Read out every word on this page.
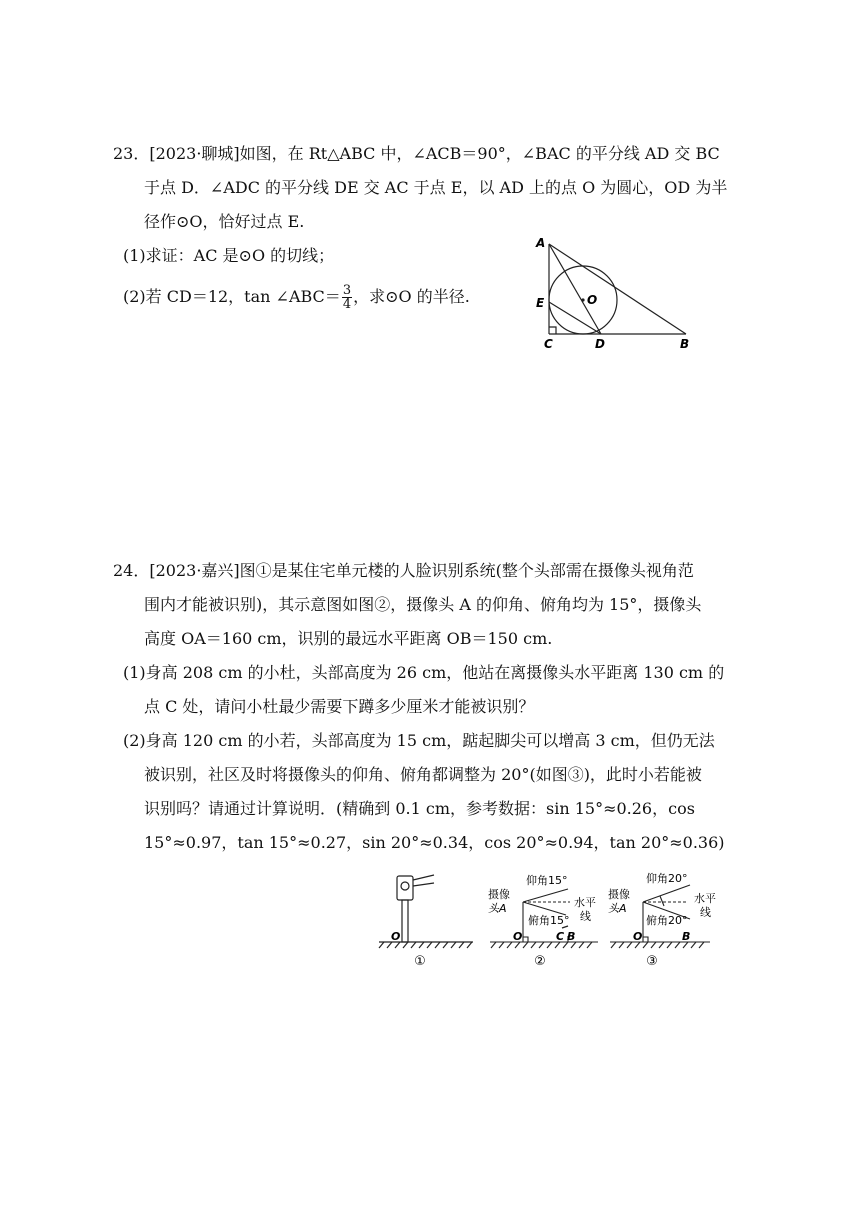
23．[2023·聊城]如图，在 Rt△ABC 中，∠ACB＝90°，∠BAC 的平分线 AD 交 BC
于点 D．∠ADC 的平分线 DE 交 AC 于点 E，以 AD 上的点 O 为圆心，OD 为半
径作⊙O，恰好过点 E.
(1)求证：AC 是⊙O 的切线；
(2)若 CD＝12，tan ∠ABC＝ $\frac{3}{4}$ ，求⊙O 的半径.
A
E
C	D	B
O
24．[2023·嘉兴]图①是某住宅单元楼的人脸识别系统(整个头部需在摄像头视角范
围内才能被识别)，其示意图如图②，摄像头 A 的仰角、俯角均为 15°，摄像头
高度 OA＝160 cm，识别的最远水平距离 OB＝150 cm.
(1)身高 208 cm 的小杜，头部高度为 26 cm，他站在离摄像头水平距离 130 cm 的
点 C 处，请问小杜最少需要下蹲多少厘米才能被识别？
(2)身高 120 cm 的小若，头部高度为 15 cm，踮起脚尖可以增高 3 cm，但仍无法
被识别，社区及时将摄像头的仰角、俯角都调整为 20°(如图③)，此时小若能被
识别吗？请通过计算说明．(精确到 0.1 cm，参考数据：sin 15°≈0.26，cos
15°≈0.97，tan 15°≈0.27，sin 20°≈0.34，cos 20°≈0.94，tan 20°≈0.36)
O
①
摄像
头A
仰角15°
俯角15°
水平
线
O	C B
②
摄像
头A
仰角20°
俯角20°
水平
线
O	B
③
